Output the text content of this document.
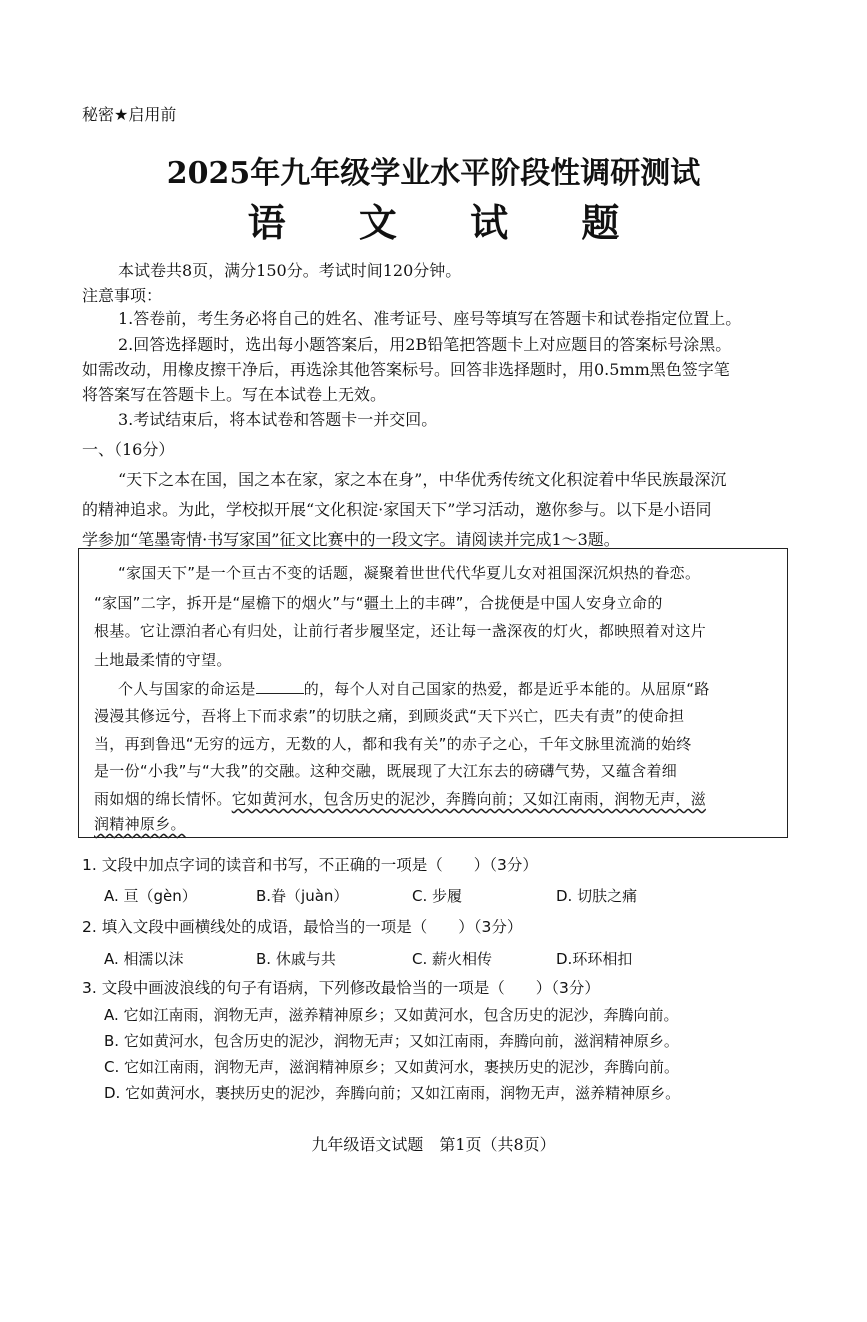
秘密★启用前
2025年九年级学业水平阶段性调研测试
语 文 试 题
本试卷共8页，满分150分。考试时间120分钟。
注意事项：
1.答卷前，考生务必将自己的姓名、准考证号、座号等填写在答题卡和试卷指定位置上。
2.回答选择题时，选出每小题答案后，用2B铅笔把答题卡上对应题目的答案标号涂黑。
如需改动，用橡皮擦干净后，再选涂其他答案标号。回答非选择题时，用0.5mm黑色签字笔
将答案写在答题卡上。写在本试卷上无效。
3.考试结束后，将本试卷和答题卡一并交回。
一、（16分）
“天下之本在国，国之本在家，家之本在身”，中华优秀传统文化积淀着中华民族最深沉
的精神追求。为此，学校拟开展“文化积淀·家国天下”学习活动，邀你参与。以下是小语同
学参加“笔墨寄情·书写家国”征文比赛中的一段文字。请阅读并完成1～3题。
“家国天下”是一个亘古不变的话题，凝聚着世世代代华夏儿女对祖国深沉炽热的眷恋。
“家国”二字，拆开是“屋檐下的烟火”与“疆土上的丰碑”，合拢便是中国人安身立命的
根基。它让漂泊者心有归处，让前行者步履坚定，还让每一盏深夜的灯火，都映照着对这片
土地最柔情的守望。
个人与国家的命运是	的，每个人对自己国家的热爱，都是近乎本能的。从屈原“路
漫漫其修远兮，吾将上下而求索”的切肤之痛，到顾炎武“天下兴亡，匹夫有责”的使命担
当，再到鲁迅“无穷的远方，无数的人，都和我有关”的赤子之心，千年文脉里流淌的始终
是一份“小我”与“大我”的交融。这种交融，既展现了大江东去的磅礴气势，又蕴含着细
雨如烟的绵长情怀。它如黄河水，包含历史的泥沙，奔腾向前；又如江南雨，润物无声，滋
润精神原乡。
1. 文段中加点字词的读音和书写，不正确的一项是（　　）（3分）
A. 亘（gèn）	B.眷（juàn）	C. 步履	D. 切肤之痛
2. 填入文段中画横线处的成语，最恰当的一项是（　　）（3分）
A. 相濡以沫	B. 休戚与共	C. 薪火相传	D.环环相扣
3. 文段中画波浪线的句子有语病，下列修改最恰当的一项是（　　）（3分）
A. 它如江南雨，润物无声，滋养精神原乡；又如黄河水，包含历史的泥沙，奔腾向前。
B. 它如黄河水，包含历史的泥沙，润物无声；又如江南雨，奔腾向前，滋润精神原乡。
C. 它如江南雨，润物无声，滋润精神原乡；又如黄河水，裹挟历史的泥沙，奔腾向前。
D. 它如黄河水，裹挟历史的泥沙，奔腾向前；又如江南雨，润物无声，滋养精神原乡。
九年级语文试题　第1页（共8页）
